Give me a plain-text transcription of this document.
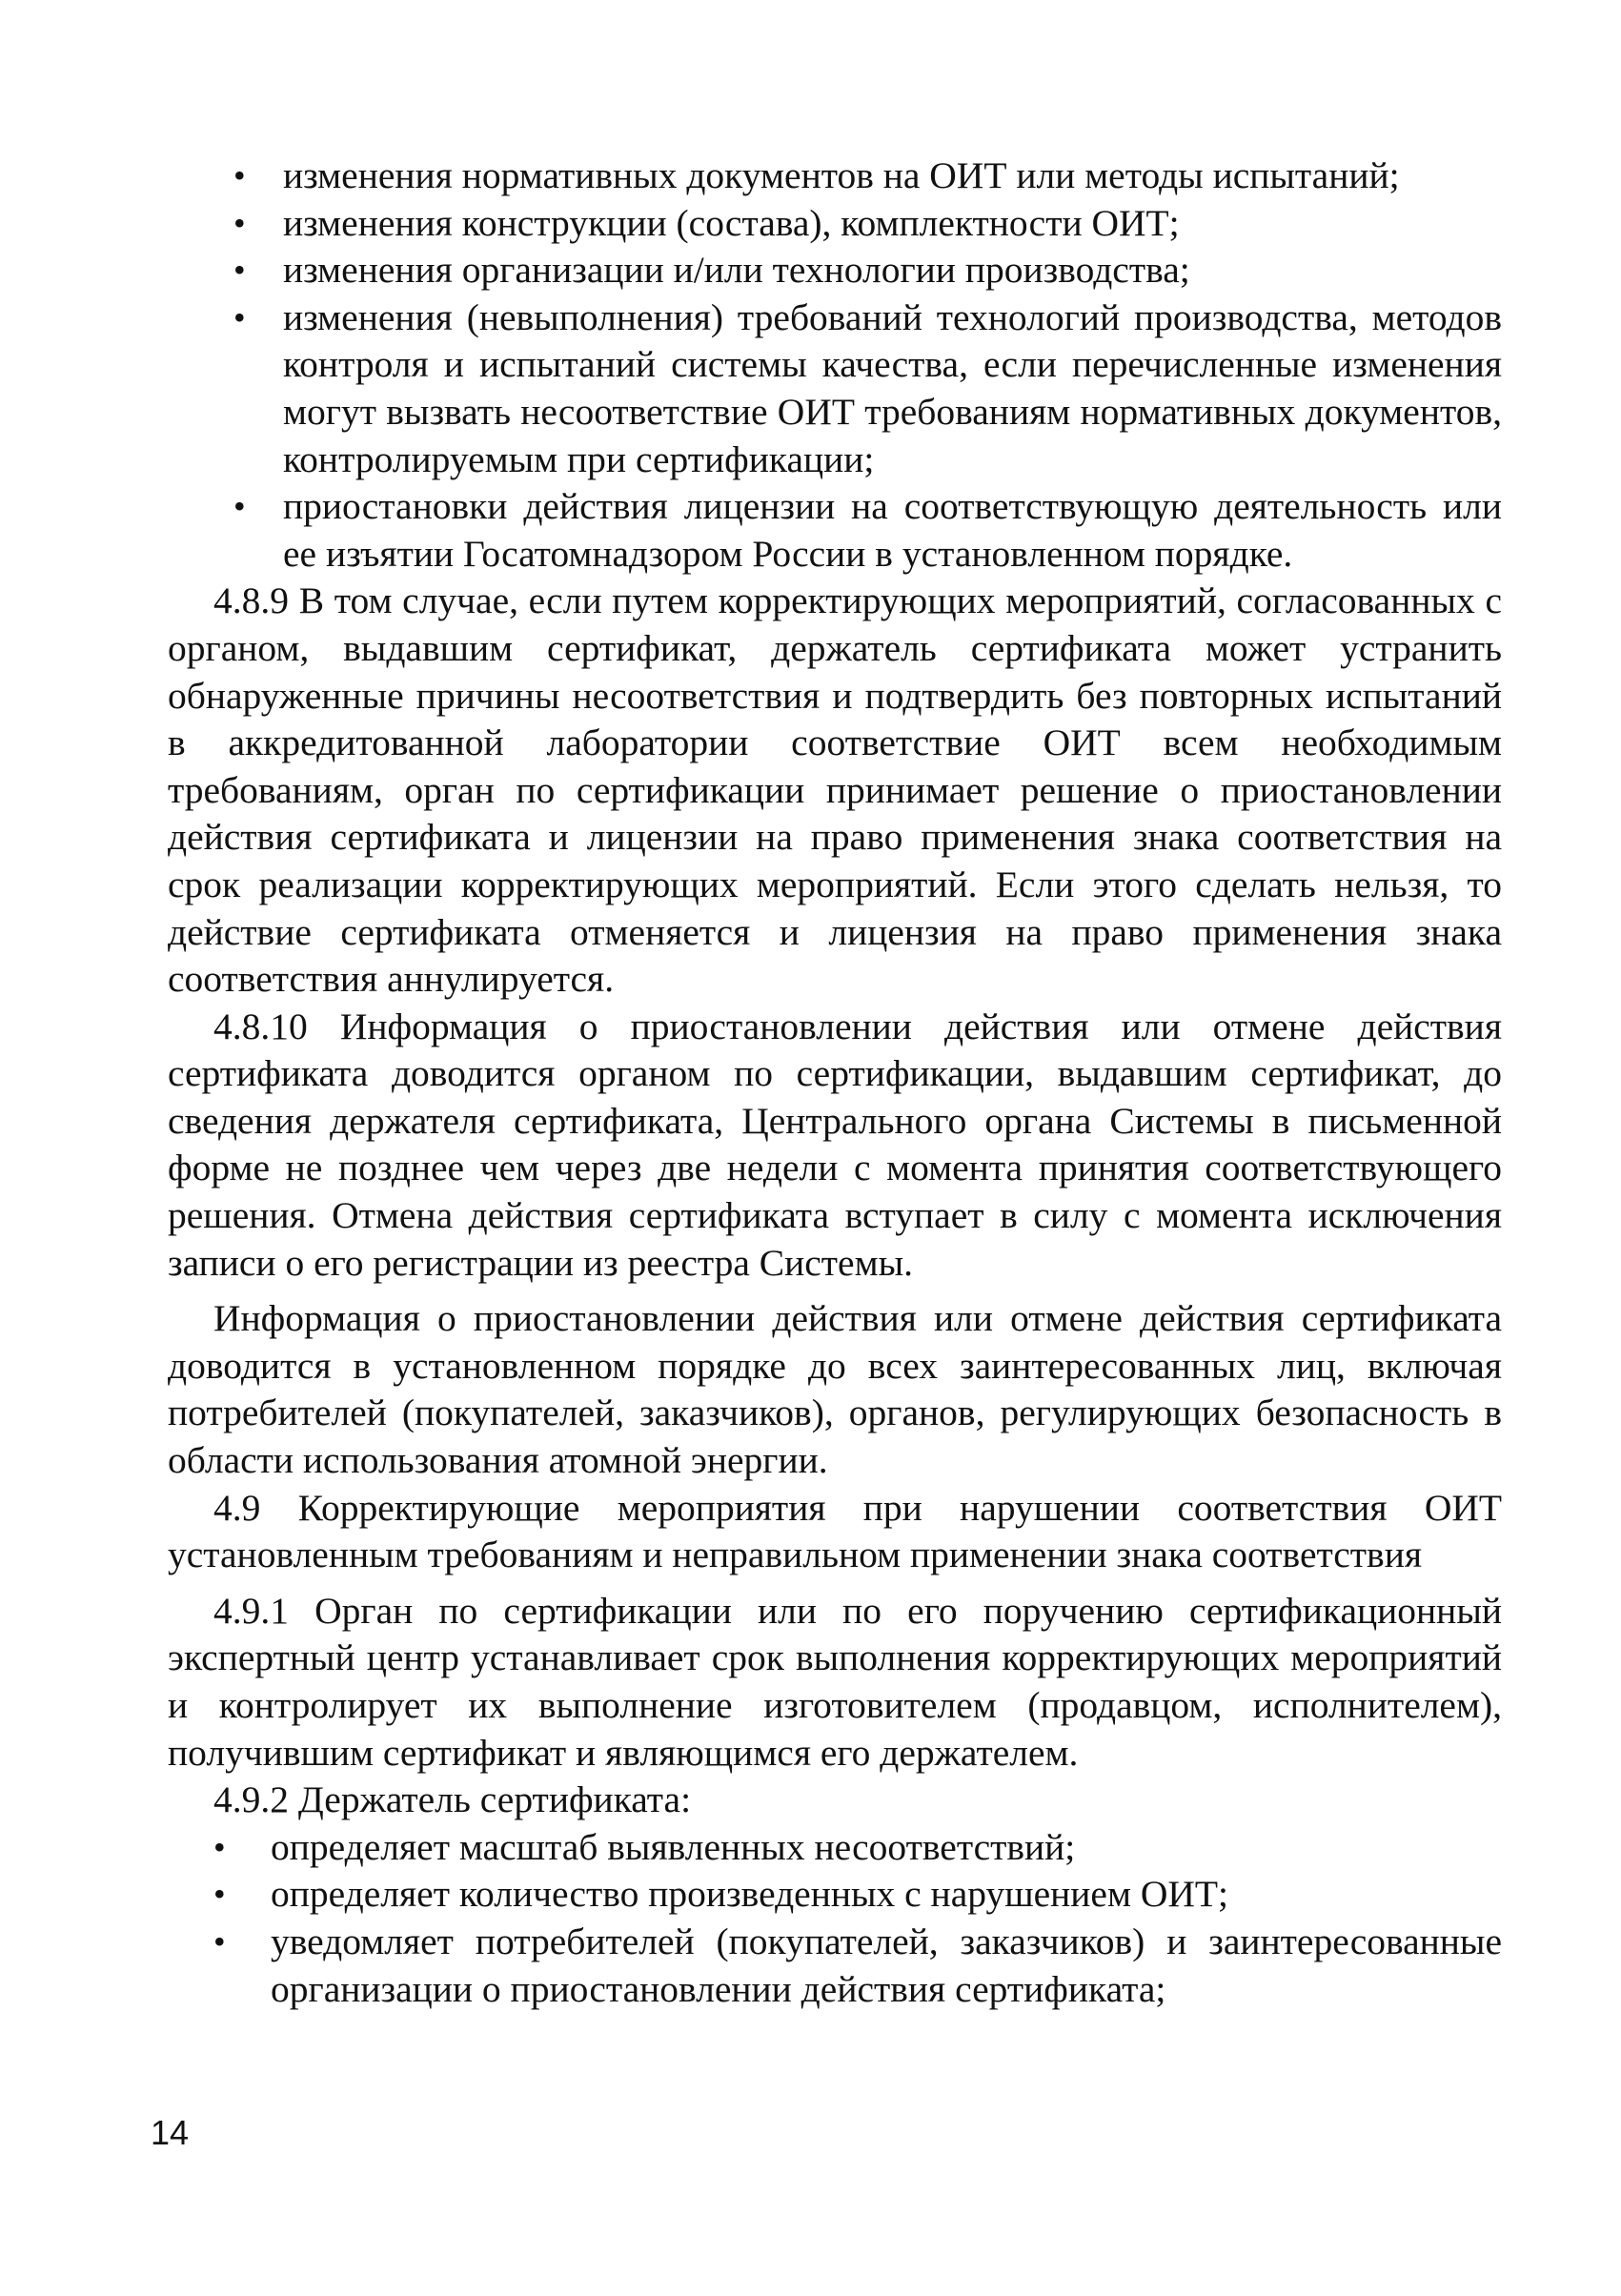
• изменения нормативных документов на ОИТ или методы испытаний;
• изменения конструкции (состава), комплектности ОИТ;
• изменения организации и/или технологии производства;
• изменения (невыполнения) требований технологий производства, методов контроля и испытаний системы качества, если перечисленные изменения могут вызвать несоответствие ОИТ требованиям нормативных документов, контролируемым при сертификации;
• приостановки действия лицензии на соответствующую деятельность или ее изъятии Госатомнадзором России в установленном порядке.

4.8.9 В том случае, если путем корректирующих мероприятий, согласованных с органом, выдавшим сертификат, держатель сертификата может устранить обнаруженные причины несоответствия и подтвердить без повторных испытаний в аккредитованной лаборатории соответствие ОИТ всем необходимым требованиям, орган по сертификации принимает решение о приостановлении действия сертификата и лицензии на право применения знака соответствия на срок реализации корректирующих мероприятий. Если этого сделать нельзя, то действие сертификата отменяется и лицензия на право применения знака соответствия аннулируется.

4.8.10 Информация о приостановлении действия или отмене действия сертификата доводится органом по сертификации, выдавшим сертификат, до сведения держателя сертификата, Центрального органа Системы в письменной форме не позднее чем через две недели с момента принятия соответствующего решения. Отмена действия сертификата вступает в силу с момента исключения записи о его регистрации из реестра Системы.

Информация о приостановлении действия или отмене действия сертификата доводится в установленном порядке до всех заинтересованных лиц, включая потребителей (покупателей, заказчиков), органов, регулирующих безопасность в области использования атомной энергии.

4.9 Корректирующие мероприятия при нарушении соответствия ОИТ установленным требованиям и неправильном применении знака соответствия

4.9.1 Орган по сертификации или по его поручению сертификационный экспертный центр устанавливает срок выполнения корректирующих мероприятий и контролирует их выполнение изготовителем (продавцом, исполнителем), получившим сертификат и являющимся его держателем.

4.9.2 Держатель сертификата:

• определяет масштаб выявленных несоответствий;
• определяет количество произведенных с нарушением ОИТ;
• уведомляет потребителей (покупателей, заказчиков) и заинтересованные организации о приостановлении действия сертификата;
14
